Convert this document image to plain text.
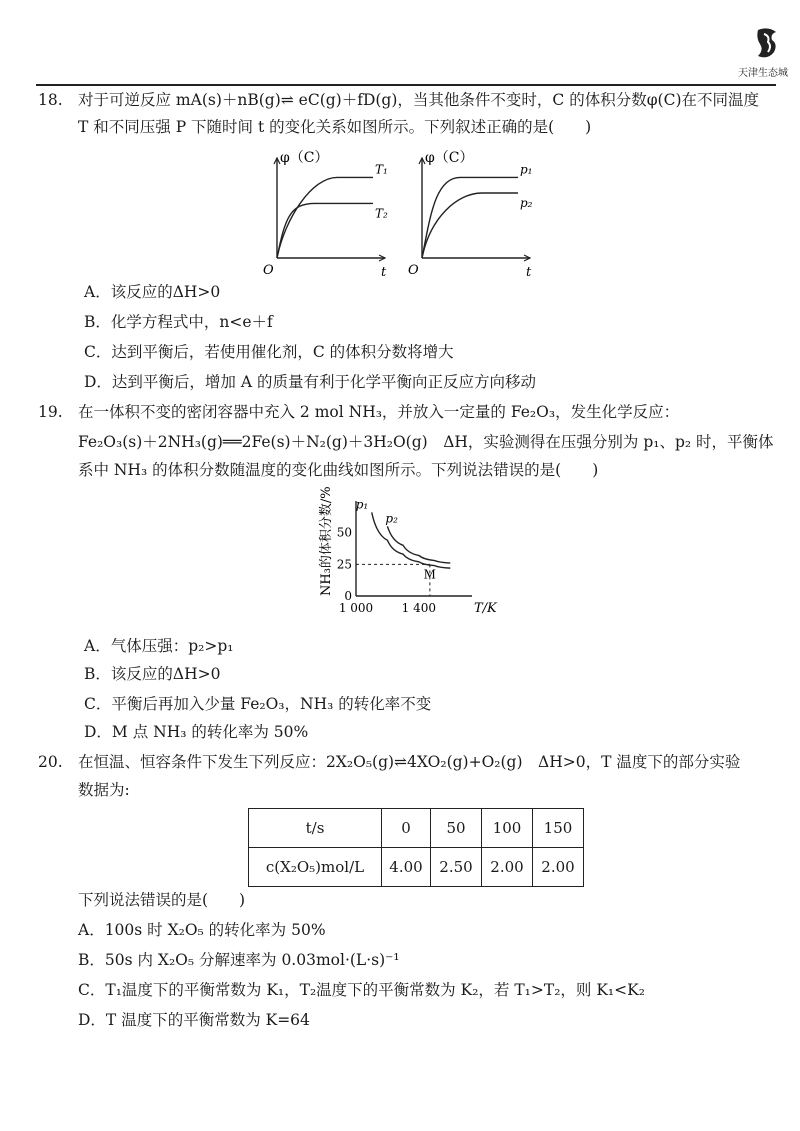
天津生态城
18. 对于可逆反应 mA(s)＋nB(g)⇌ eC(g)＋fD(g)，当其他条件不变时，C 的体积分数φ(C)在不同温度
T 和不同压强 P 下随时间 t 的变化关系如图所示。下列叙述正确的是(　　)
φ（C）
t
O
T₁
T₂
φ（C）
t
O
p₁
p₂
A．该反应的ΔH>0
B．化学方程式中，n<e＋f
C．达到平衡后，若使用催化剂，C 的体积分数将增大
D．达到平衡后，增加 A 的质量有利于化学平衡向正反应方向移动
19. 在一体积不变的密闭容器中充入 2 mol NH₃，并放入一定量的 Fe₂O₃，发生化学反应：
Fe₂O₃(s)＋2NH₃(g)══2Fe(s)＋N₂(g)＋3H₂O(g)　ΔH，实验测得在压强分别为 p₁、p₂ 时，平衡体
系中 NH₃ 的体积分数随温度的变化曲线如图所示。下列说法错误的是(　　)
NH₃的体积分数/%
T/K
0
25
50
1 000 1 400
M
p₁
p₂
A．气体压强：p₂>p₁
B．该反应的ΔH>0
C．平衡后再加入少量 Fe₂O₃，NH₃ 的转化率不变
D．M 点 NH₃ 的转化率为 50%
20. 在恒温、恒容条件下发生下列反应：2X₂O₅(g)⇌4XO₂(g)+O₂(g)　ΔH>0，T 温度下的部分实验
数据为:
t/s	0	50	100	150
c(X₂O₅)mol/L	4.00	2.50	2.00	2.00
下列说法错误的是(　　)
A．100s 时 X₂O₅ 的转化率为 50%
B．50s 内 X₂O₅ 分解速率为 0.03mol·(L·s)⁻¹
C．T₁温度下的平衡常数为 K₁，T₂温度下的平衡常数为 K₂，若 T₁>T₂，则 K₁<K₂
D．T 温度下的平衡常数为 K=64
